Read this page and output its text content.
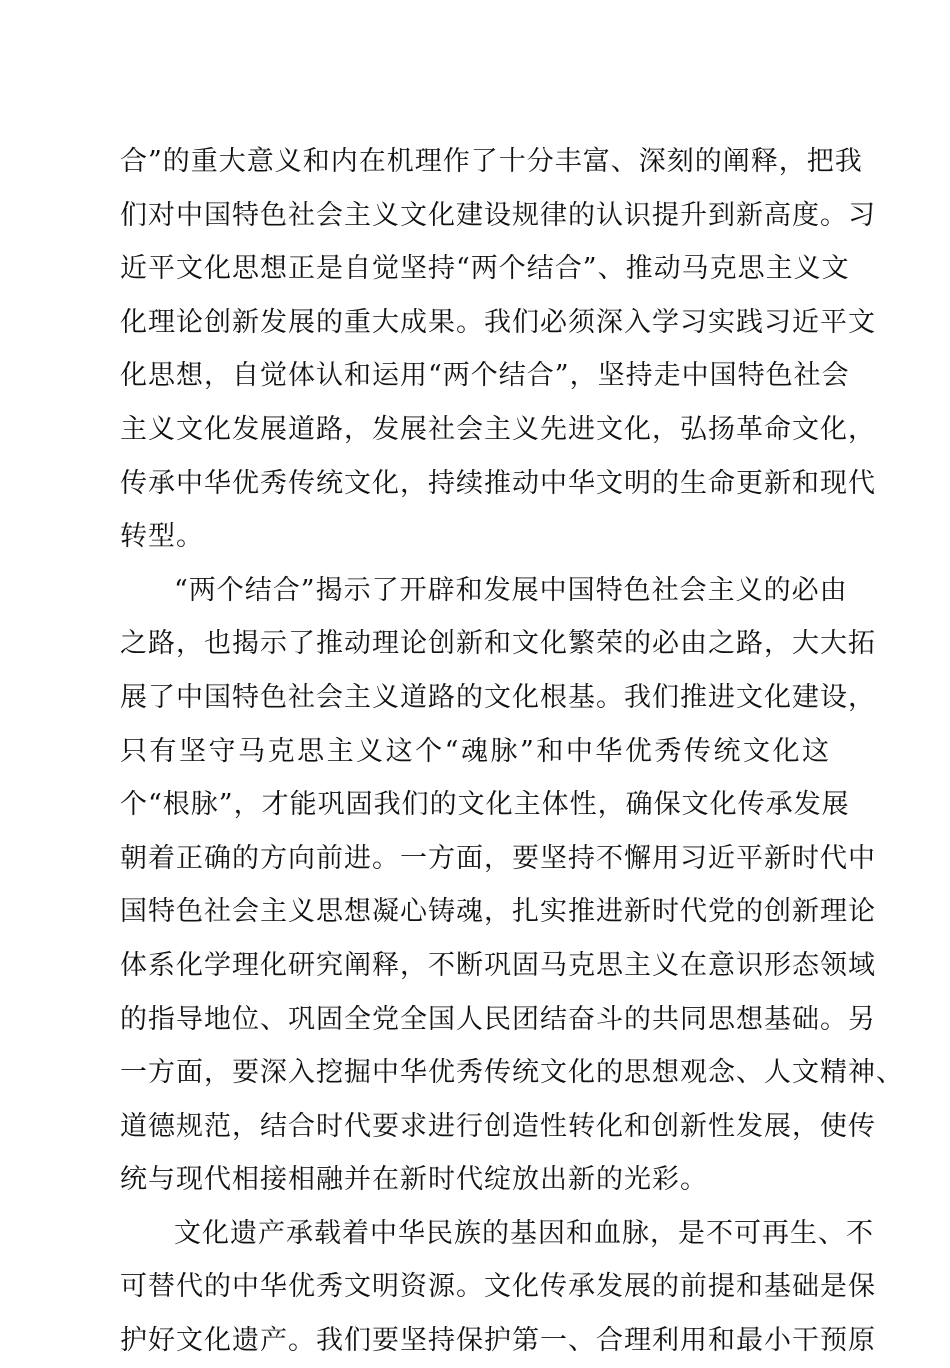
合”的重大意义和内在机理作了十分丰富、深刻的阐释，把我
们对中国特色社会主义文化建设规律的认识提升到新高度。习
近平文化思想正是自觉坚持“两个结合”、推动马克思主义文
化理论创新发展的重大成果。我们必须深入学习实践习近平文
化思想，自觉体认和运用“两个结合”，坚持走中国特色社会
主义文化发展道路，发展社会主义先进文化，弘扬革命文化，
传承中华优秀传统文化，持续推动中华文明的生命更新和现代
转型。
“两个结合”揭示了开辟和发展中国特色社会主义的必由
之路，也揭示了推动理论创新和文化繁荣的必由之路，大大拓
展了中国特色社会主义道路的文化根基。我们推进文化建设，
只有坚守马克思主义这个“魂脉”和中华优秀传统文化这
个“根脉”，才能巩固我们的文化主体性，确保文化传承发展
朝着正确的方向前进。一方面，要坚持不懈用习近平新时代中
国特色社会主义思想凝心铸魂，扎实推进新时代党的创新理论
体系化学理化研究阐释，不断巩固马克思主义在意识形态领域
的指导地位、巩固全党全国人民团结奋斗的共同思想基础。另
一方面，要深入挖掘中华优秀传统文化的思想观念、人文精神、
道德规范，结合时代要求进行创造性转化和创新性发展，使传
统与现代相接相融并在新时代绽放出新的光彩。
文化遗产承载着中华民族的基因和血脉，是不可再生、不
可替代的中华优秀文明资源。文化传承发展的前提和基础是保
护好文化遗产。我们要坚持保护第一、合理利用和最小干预原
